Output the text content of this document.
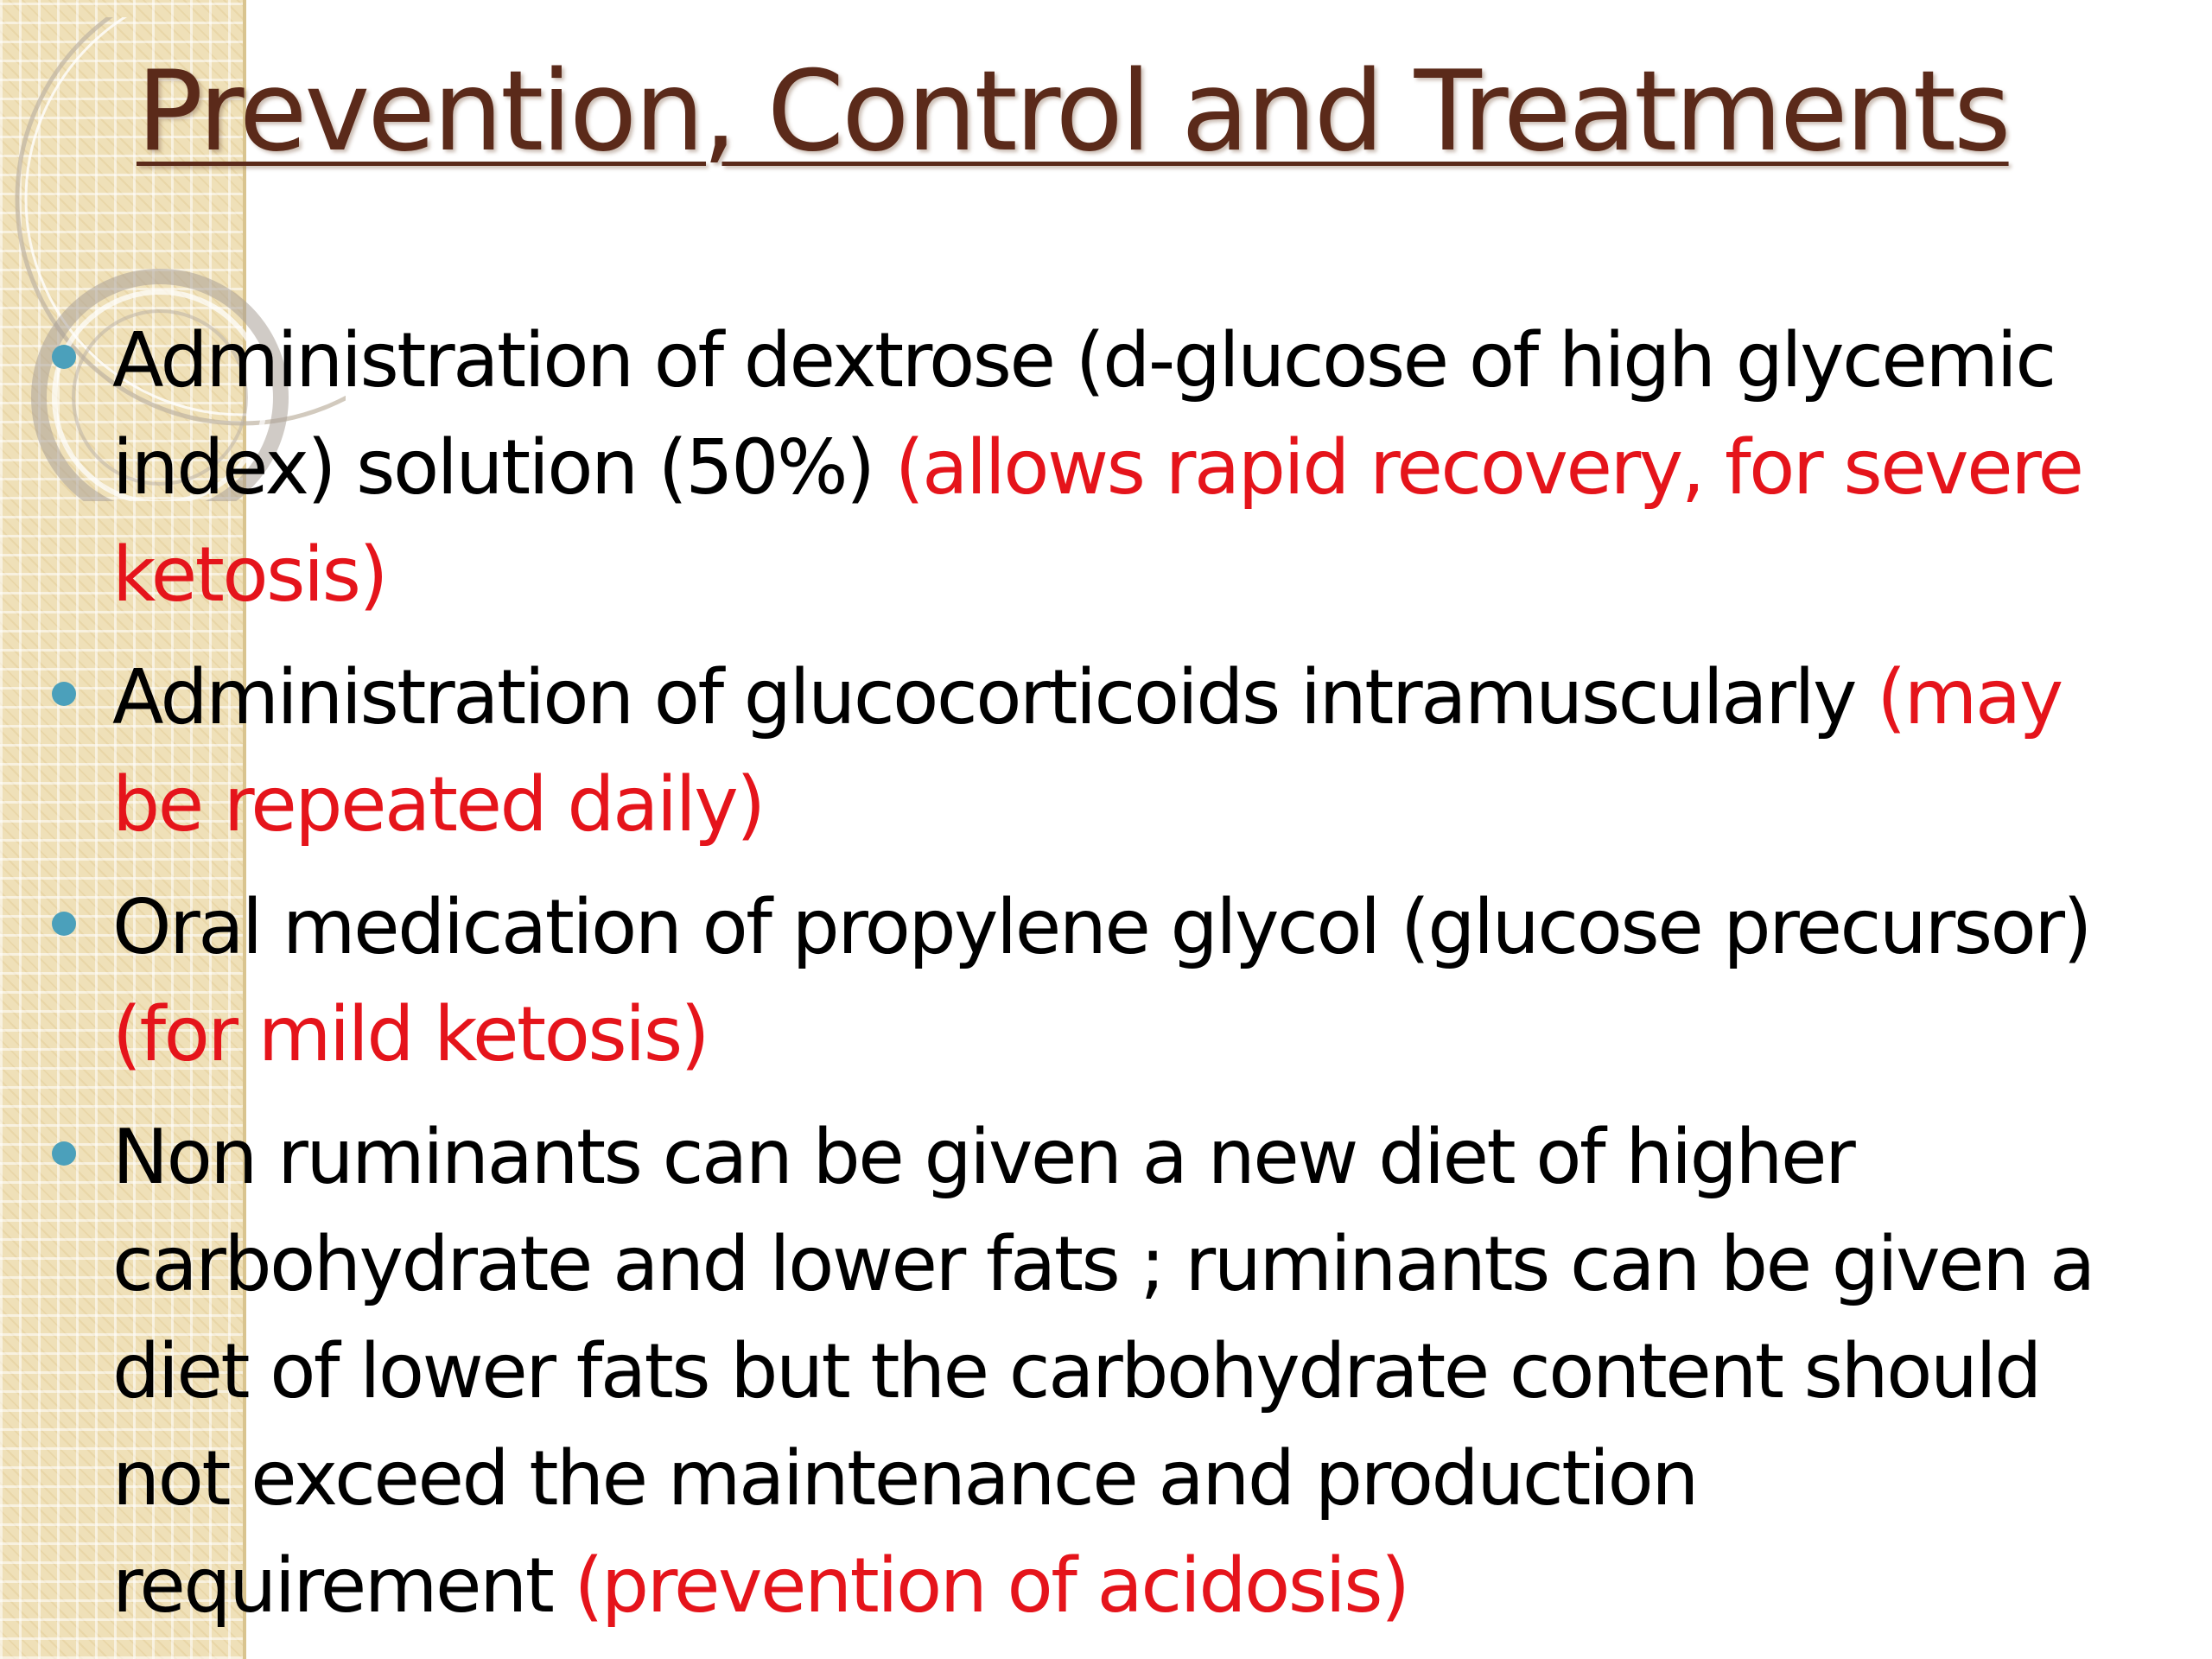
Prevention, Control and Treatments
Administration of dextrose (d-glucose of high glycemic index) solution (50%) (allows rapid recovery, for severe ketosis)
Administration of glucocorticoids intramuscularly (may be repeated daily)
Oral medication of propylene glycol (glucose precursor) (for mild ketosis)
Non ruminants can be given a new diet of higher carbohydrate and lower fats ; ruminants can be given a diet of lower fats but the carbohydrate content should not exceed the maintenance and production requirement (prevention of acidosis)
